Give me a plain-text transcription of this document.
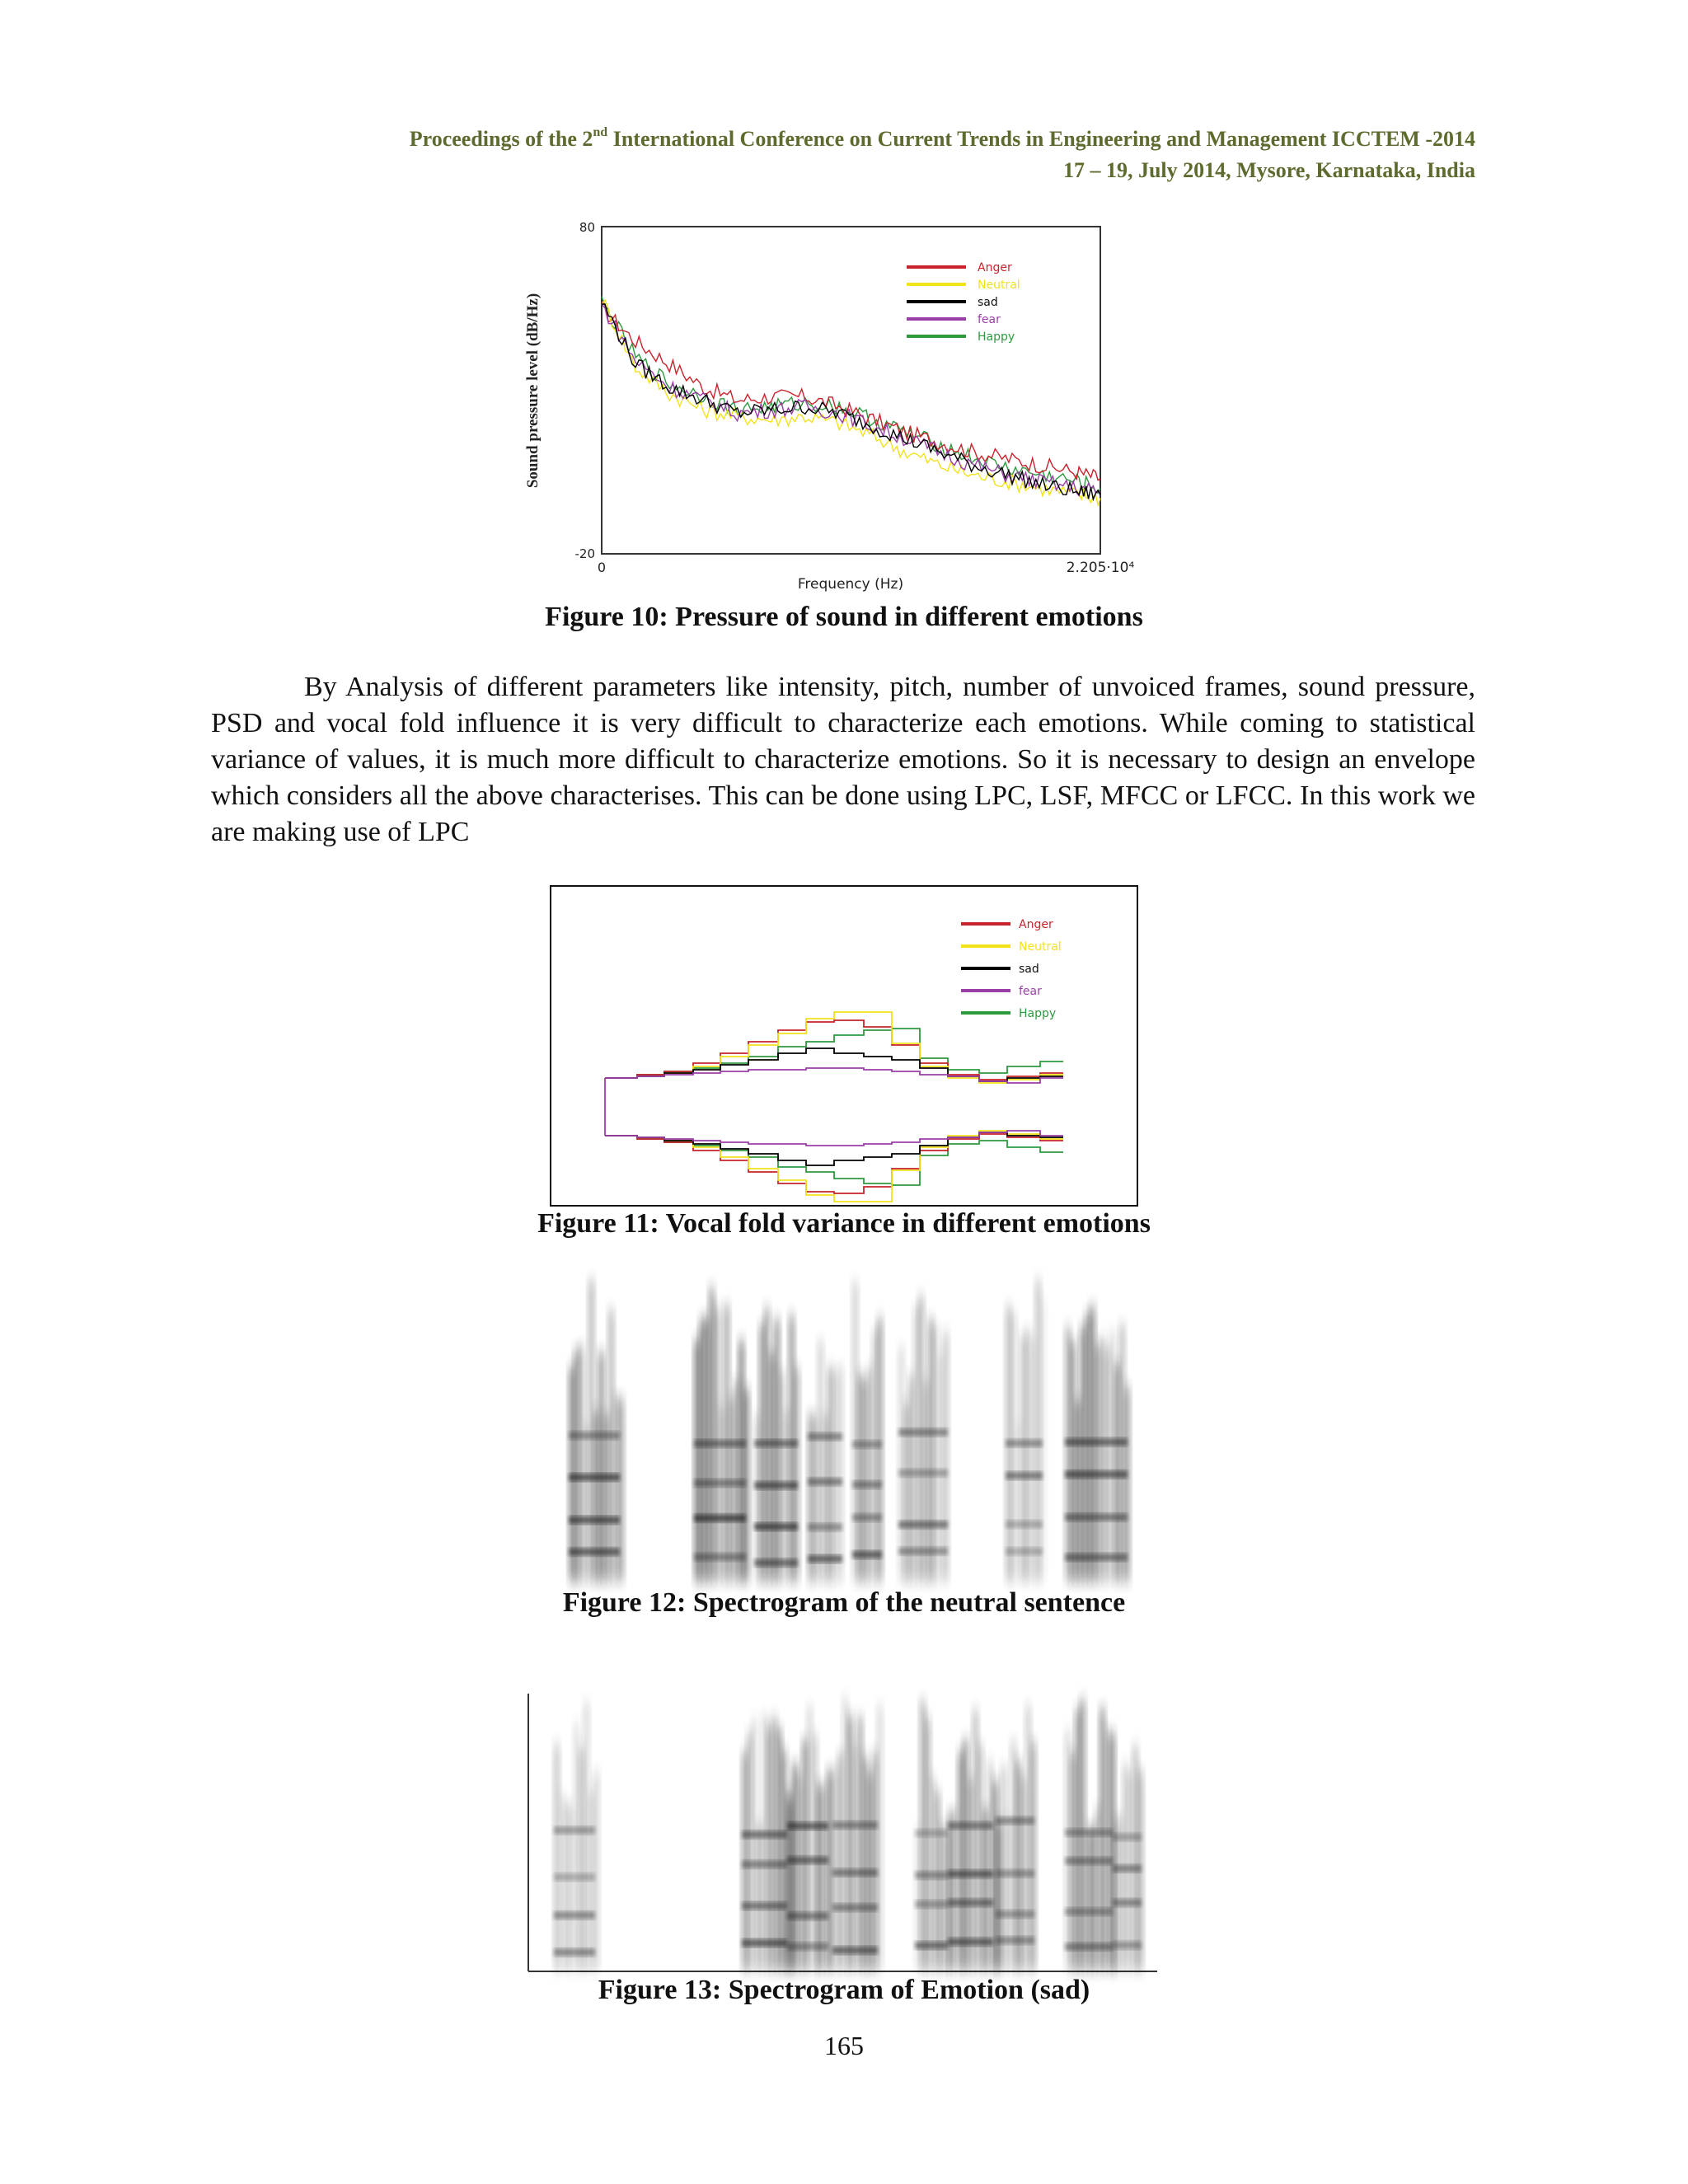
Proceedings of the 2nd International Conference on Current Trends in Engineering and Management ICCTEM -2014
17 – 19, July 2014, Mysore, Karnataka, India
Anger
Neutral
sad
fear
Happy
80
-20
0	2.205·10⁴
Frequency (Hz)
Sound pressure level (dB/Hz)
Figure 10: Pressure of sound in different emotions

By Analysis of different parameters like intensity, pitch, number of unvoiced frames, sound pressure, PSD and vocal fold influence it is very difficult to characterize each emotions. While coming to statistical variance of values, it is much more difficult to characterize emotions. So it is necessary to design an envelope which considers all the above characterises. This can be done using LPC, LSF, MFCC or LFCC. In this work we are making use of LPC

Anger
Neutral
sad
fear
Happy
Figure 11: Vocal fold variance in different emotions
Figure 12: Spectrogram of the neutral sentence
Figure 13: Spectrogram of Emotion (sad)
165
